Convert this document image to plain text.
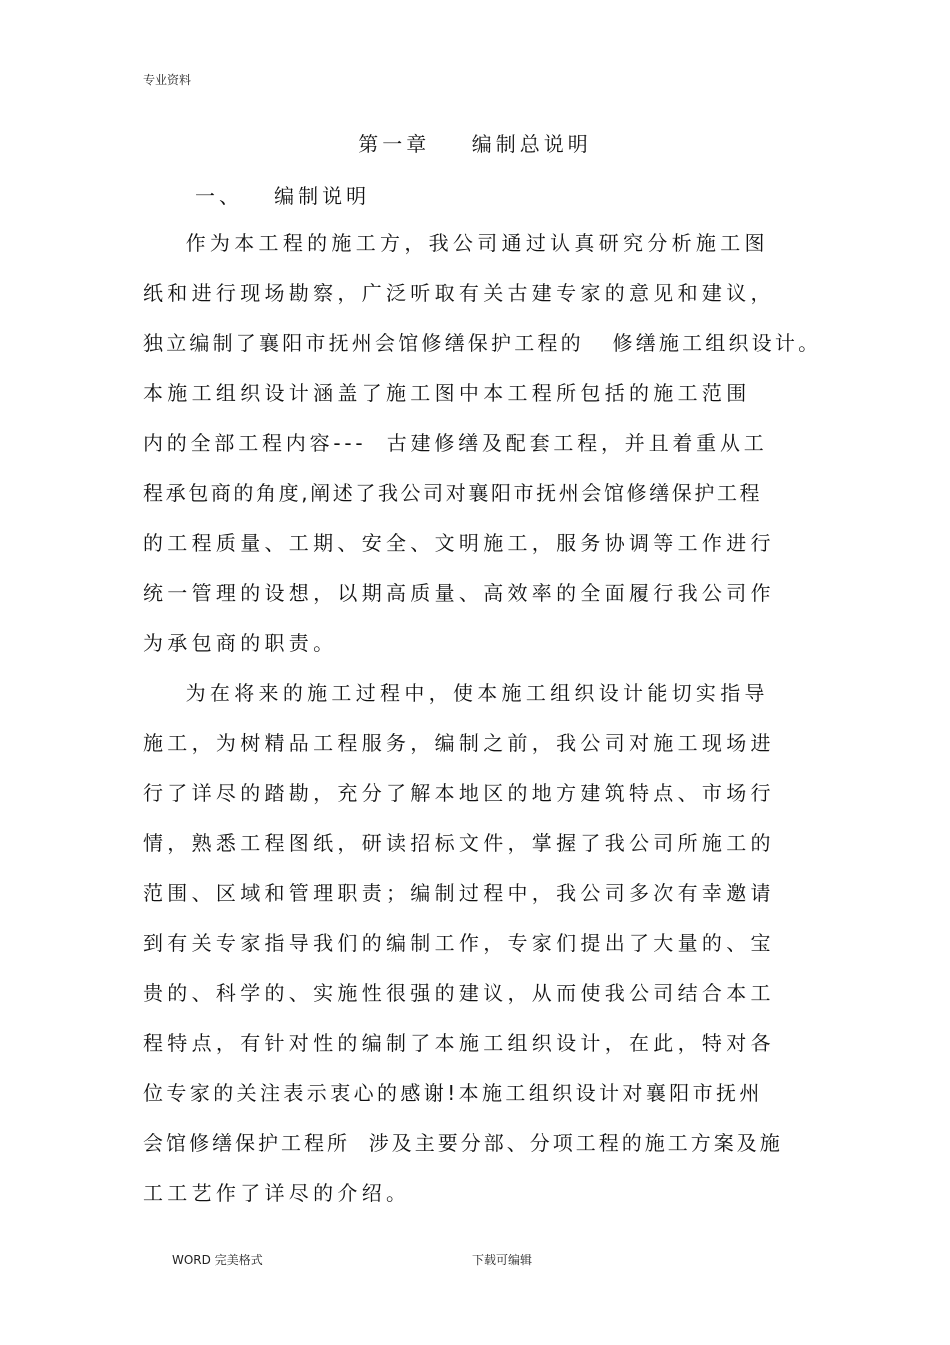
专业资料
第一章    编制总说明
一、   编制说明
作为本工程的施工方，我公司通过认真研究分析施工图
纸和进行现场勘察，广泛听取有关古建专家的意见和建议，
独立编制了襄阳市抚州会馆修缮保护工程的   修缮施工组织设计。
本施工组织设计涵盖了施工图中本工程所包括的施工范围
内的全部工程内容---  古建修缮及配套工程，并且着重从工
程承包商的角度,阐述了我公司对襄阳市抚州会馆修缮保护工程
的工程质量、工期、安全、文明施工，服务协调等工作进行
统一管理的设想，以期高质量、高效率的全面履行我公司作
为承包商的职责。
为在将来的施工过程中，使本施工组织设计能切实指导
施工，为树精品工程服务，编制之前，我公司对施工现场进
行了详尽的踏勘，充分了解本地区的地方建筑特点、市场行
情，熟悉工程图纸，研读招标文件，掌握了我公司所施工的
范围、区域和管理职责；编制过程中，我公司多次有幸邀请
到有关专家指导我们的编制工作，专家们提出了大量的、宝
贵的、科学的、实施性很强的建议，从而使我公司结合本工
程特点，有针对性的编制了本施工组织设计，在此，特对各
位专家的关注表示衷心的感谢!本施工组织设计对襄阳市抚州
会馆修缮保护工程所  涉及主要分部、分项工程的施工方案及施
工工艺作了详尽的介绍。
WORD 完美格式	下载可编辑
